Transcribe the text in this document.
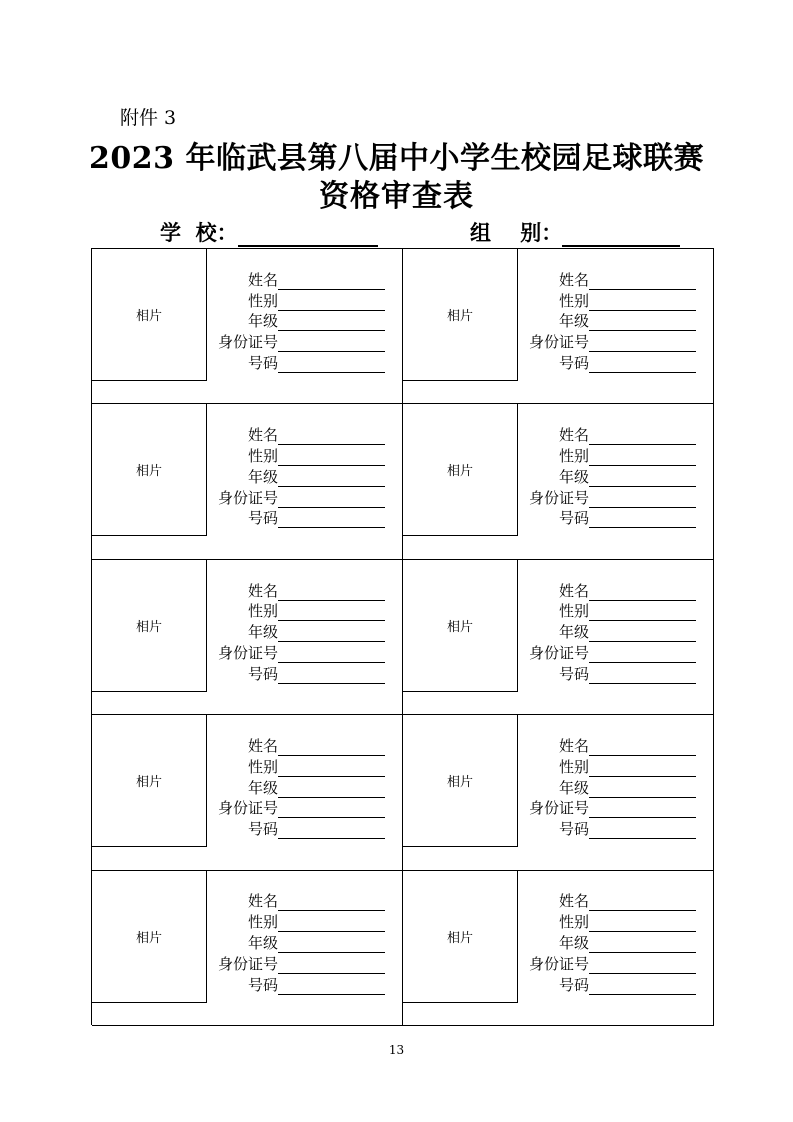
附件 3
2023 年临武县第八届中小学生校园足球联赛
资格审查表
学  校：	组    别：
相片
姓名
性别
年级
身份证号
号码
相片
姓名
性别
年级
身份证号
号码
相片
姓名
性别
年级
身份证号
号码
相片
姓名
性别
年级
身份证号
号码
相片
姓名
性别
年级
身份证号
号码
相片
姓名
性别
年级
身份证号
号码
相片
姓名
性别
年级
身份证号
号码
相片
姓名
性别
年级
身份证号
号码
相片
姓名
性别
年级
身份证号
号码
相片
姓名
性别
年级
身份证号
号码
13
